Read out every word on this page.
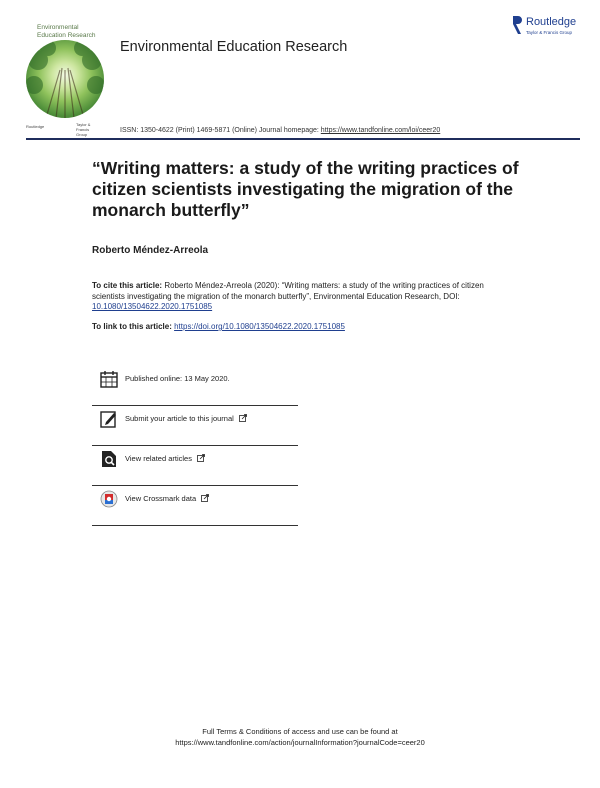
Environmental
Education Research
Routledge	Taylor &
Francis
Group
Environmental Education Research
Routledge
Taylor & Francis Group
ISSN: 1350-4622 (Print) 1469-5871 (Online) Journal homepage: https://www.tandfonline.com/loi/ceer20
“Writing matters: a study of the writing practices of citizen scientists investigating the migration of the monarch butterfly”
Roberto Méndez-Arreola
To cite this article: Roberto Méndez-Arreola (2020): “Writing matters: a study of the writing practices of citizen scientists investigating the migration of the monarch butterfly”, Environmental Education Research, DOI: 10.1080/13504622.2020.1751085
To link to this article: https://doi.org/10.1080/13504622.2020.1751085
Published online: 13 May 2020.
Submit your article to this journal
View related articles
View Crossmark data
Full Terms & Conditions of access and use can be found at
https://www.tandfonline.com/action/journalInformation?journalCode=ceer20
